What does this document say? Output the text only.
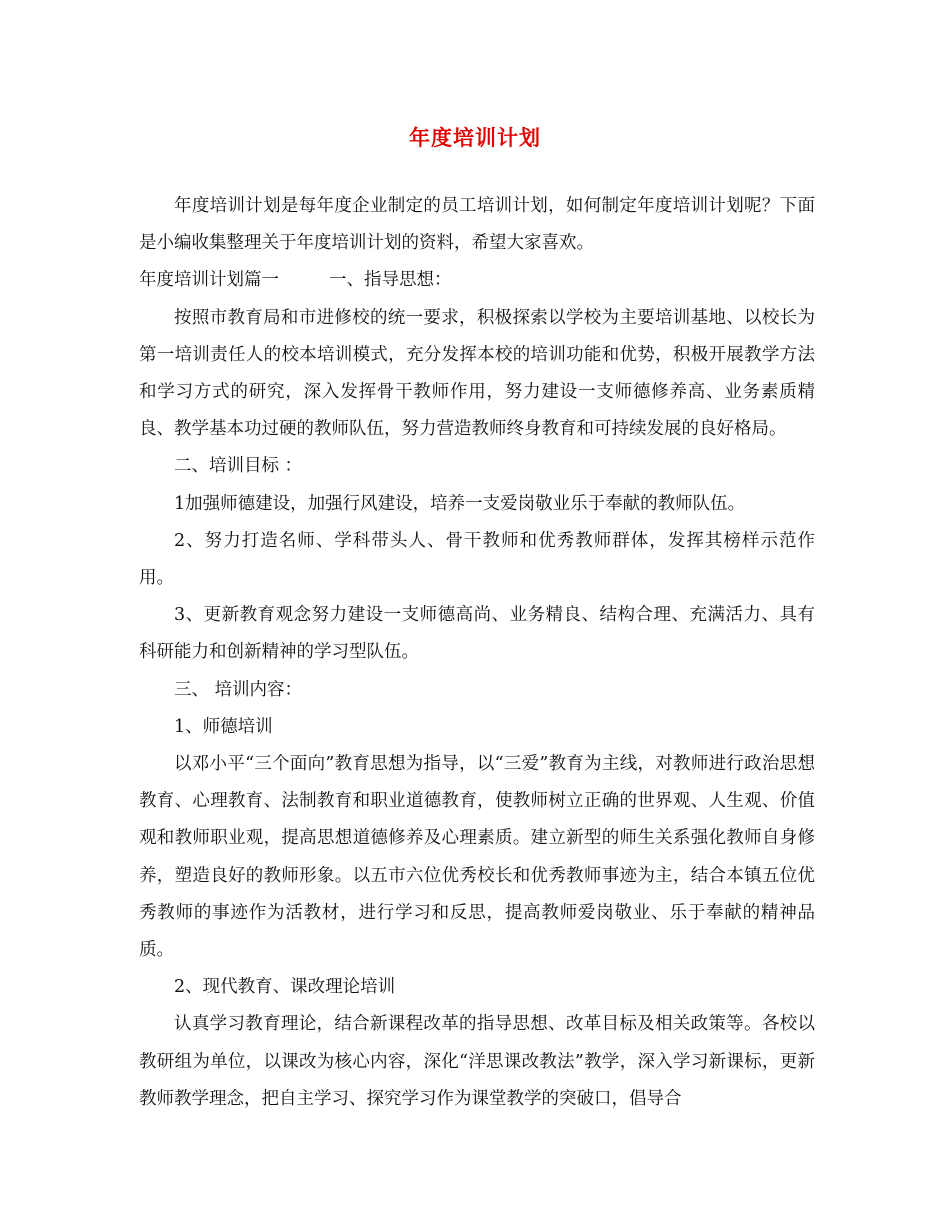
年度培训计划

年度培训计划是每年度企业制定的员工培训计划，如何制定年度培训计划呢？下面是小编收集整理关于年度培训计划的资料，希望大家喜欢。

年度培训计划篇一	一、指导思想：

按照市教育局和市进修校的统一要求，积极探索以学校为主要培训基地、以校长为第一培训责任人的校本培训模式，充分发挥本校的培训功能和优势，积极开展教学方法和学习方式的研究，深入发挥骨干教师作用，努力建设一支师德修养高、业务素质精良、教学基本功过硬的教师队伍，努力营造教师终身教育和可持续发展的良好格局。

二、培训目标 ：

1加强师德建设，加强行风建设，培养一支爱岗敬业乐于奉献的教师队伍。

2、努力打造名师、学科带头人、骨干教师和优秀教师群体，发挥其榜样示范作用。

3、更新教育观念努力建设一支师德高尚、业务精良、结构合理、充满活力、具有科研能力和创新精神的学习型队伍。

三、 培训内容：

1、师德培训

以邓小平“三个面向”教育思想为指导，以“三爱”教育为主线，对教师进行政治思想教育、心理教育、法制教育和职业道德教育，使教师树立正确的世界观、人生观、价值观和教师职业观，提高思想道德修养及心理素质。建立新型的师生关系强化教师自身修养，塑造良好的教师形象。以五市六位优秀校长和优秀教师事迹为主，结合本镇五位优秀教师的事迹作为活教材，进行学习和反思，提高教师爱岗敬业、乐于奉献的精神品质。

2、现代教育、课改理论培训

认真学习教育理论，结合新课程改革的指导思想、改革目标及相关政策等。各校以教研组为单位，以课改为核心内容，深化“洋思课改教法”教学，深入学习新课标，更新教师教学理念，把自主学习、探究学习作为课堂教学的突破口，倡导合
